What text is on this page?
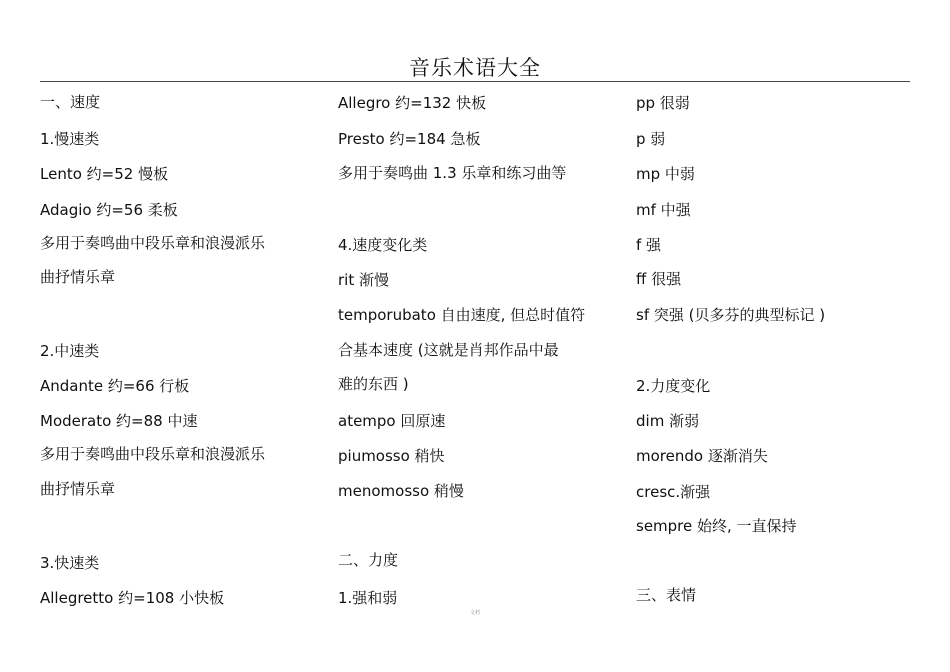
音乐术语大全
一、速度
1.慢速类
Lento 约=52 慢板
Adagio 约=56 柔板
多用于奏鸣曲中段乐章和浪漫派乐
曲抒情乐章
2.中速类
Andante 约=66 行板
Moderato 约=88 中速
多用于奏鸣曲中段乐章和浪漫派乐
曲抒情乐章
3.快速类
Allegretto 约=108 小快板
Allegro 约=132 快板
Presto 约=184 急板
多用于奏鸣曲 1.3 乐章和练习曲等
4.速度变化类
rit 渐慢
temporubato 自由速度, 但总时值符
合基本速度 (这就是肖邦作品中最
难的东西 )
atempo 回原速
piumosso 稍快
menomosso 稍慢
二、力度
1.强和弱
pp 很弱
p 弱
mp 中弱
mf 中强
f 强
ff 很强
sf 突强 (贝多芬的典型标记 )
2.力度变化
dim 渐弱
morendo 逐渐消失
cresc.渐强
sempre 始终, 一直保持
三、表情
文档
